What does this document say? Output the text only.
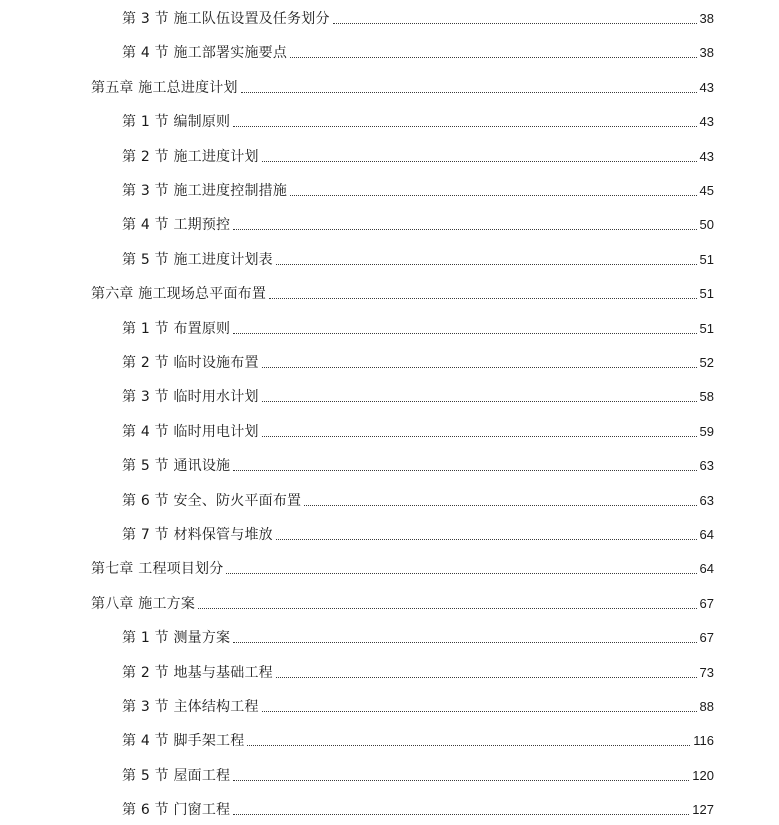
第 3 节 施工队伍设置及任务划分	38
第 4 节 施工部署实施要点	38
第五章 施工总进度计划	43
第 1 节 编制原则	43
第 2 节 施工进度计划	43
第 3 节 施工进度控制措施	45
第 4 节 工期预控	50
第 5 节 施工进度计划表	51
第六章 施工现场总平面布置	51
第 1 节 布置原则	51
第 2 节 临时设施布置	52
第 3 节 临时用水计划	58
第 4 节 临时用电计划	59
第 5 节 通讯设施	63
第 6 节 安全、防火平面布置	63
第 7 节 材料保管与堆放	64
第七章 工程项目划分	64
第八章 施工方案	67
第 1 节 测量方案	67
第 2 节 地基与基础工程	73
第 3 节 主体结构工程	88
第 4 节 脚手架工程	116
第 5 节 屋面工程	120
第 6 节 门窗工程	127
